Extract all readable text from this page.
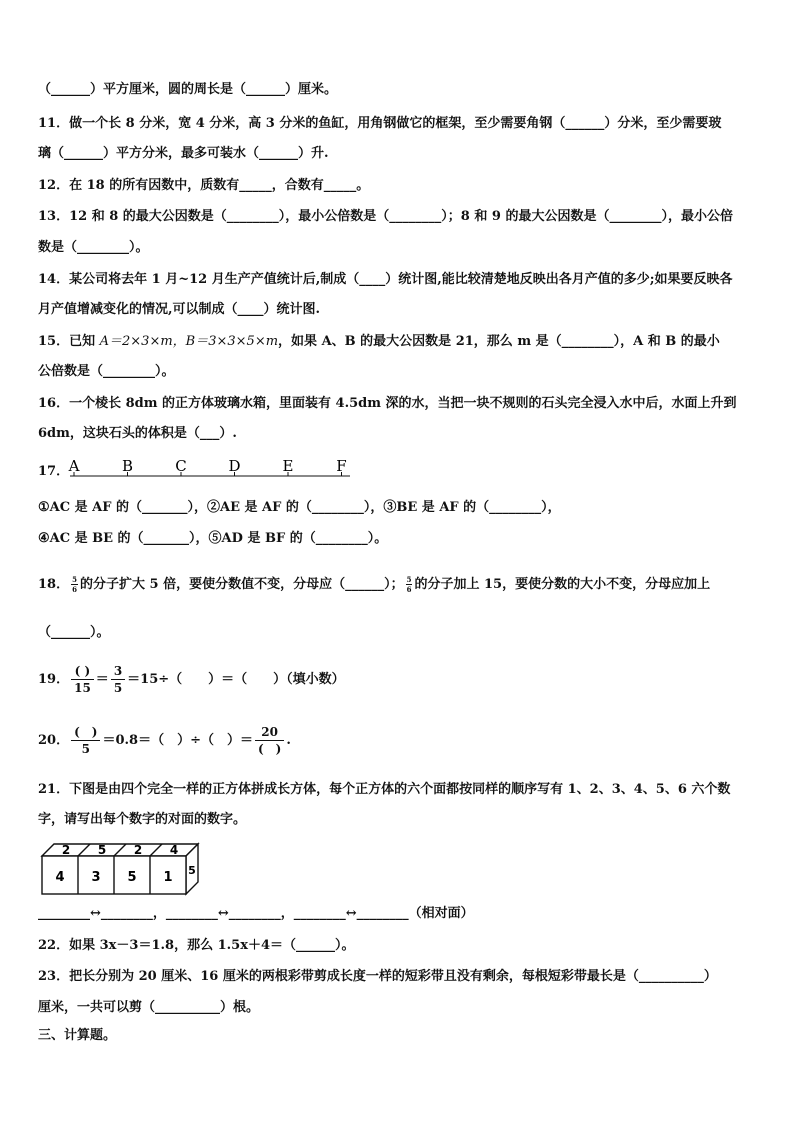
（______）平方厘米，圆的周长是（______）厘米。
11．做一个长 8 分米，宽 4 分米，高 3 分米的鱼缸，用角钢做它的框架，至少需要角钢（______）分米，至少需要玻
璃（______）平方分米，最多可装水（______）升.
12．在 18 的所有因数中，质数有_____，合数有_____。
13．12 和 8 的最大公因数是（________），最小公倍数是（________）；8 和 9 的最大公因数是（________），最小公倍
数是（________）。
14．某公司将去年 1 月~12 月生产产值统计后,制成（____）统计图,能比较清楚地反映出各月产值的多少;如果要反映各
月产值增减变化的情况,可以制成（____）统计图.
15．已知 A＝2×3×m，B＝3×3×5×m，如果 A、B 的最大公因数是 21，那么 m 是（________），A 和 B 的最小
公倍数是（________）。
16．一个棱长 8dm 的正方体玻璃水箱，里面装有 4.5dm 深的水，当把一块不规则的石头完全浸入水中后，水面上升到
6dm，这块石头的体积是（___）.
17． A	B	C	D	E	F
①AC 是 AF 的（_______），②AE 是 AF 的（________），③BE 是 AF 的（________），
④AC 是 BE 的（_______），⑤AD 是 BF 的（________）。
18． $\frac{5}{6}$ 的分子扩大 5 倍，要使分数值不变，分母应（______）； $\frac{5}{6}$ 的分子加上 15，要使分数的大小不变，分母应加上
（______）。
19． $\frac{( )}{15} = \frac{3}{5} =15\div$（　　）＝（　　）（填小数）
20． $\frac{( )}{5} =0.8=$（　）÷（　）＝ $\frac{20}{( )}$ .
21．下图是由四个完全一样的正方体拼成长方体，每个正方体的六个面都按同样的顺序写有 1、2、3、4、5、6 六个数
字，请写出每个数字的对面的数字。
2 5 2 4
4 3 5 1 5
________↔________，________↔________，________↔________（相对面）
22．如果 3x－3＝1.8，那么 1.5x＋4＝（______）。
23．把长分别为 20 厘米、16 厘米的两根彩带剪成长度一样的短彩带且没有剩余，每根短彩带最长是（__________）
厘米，一共可以剪（__________）根。
三、计算题。
